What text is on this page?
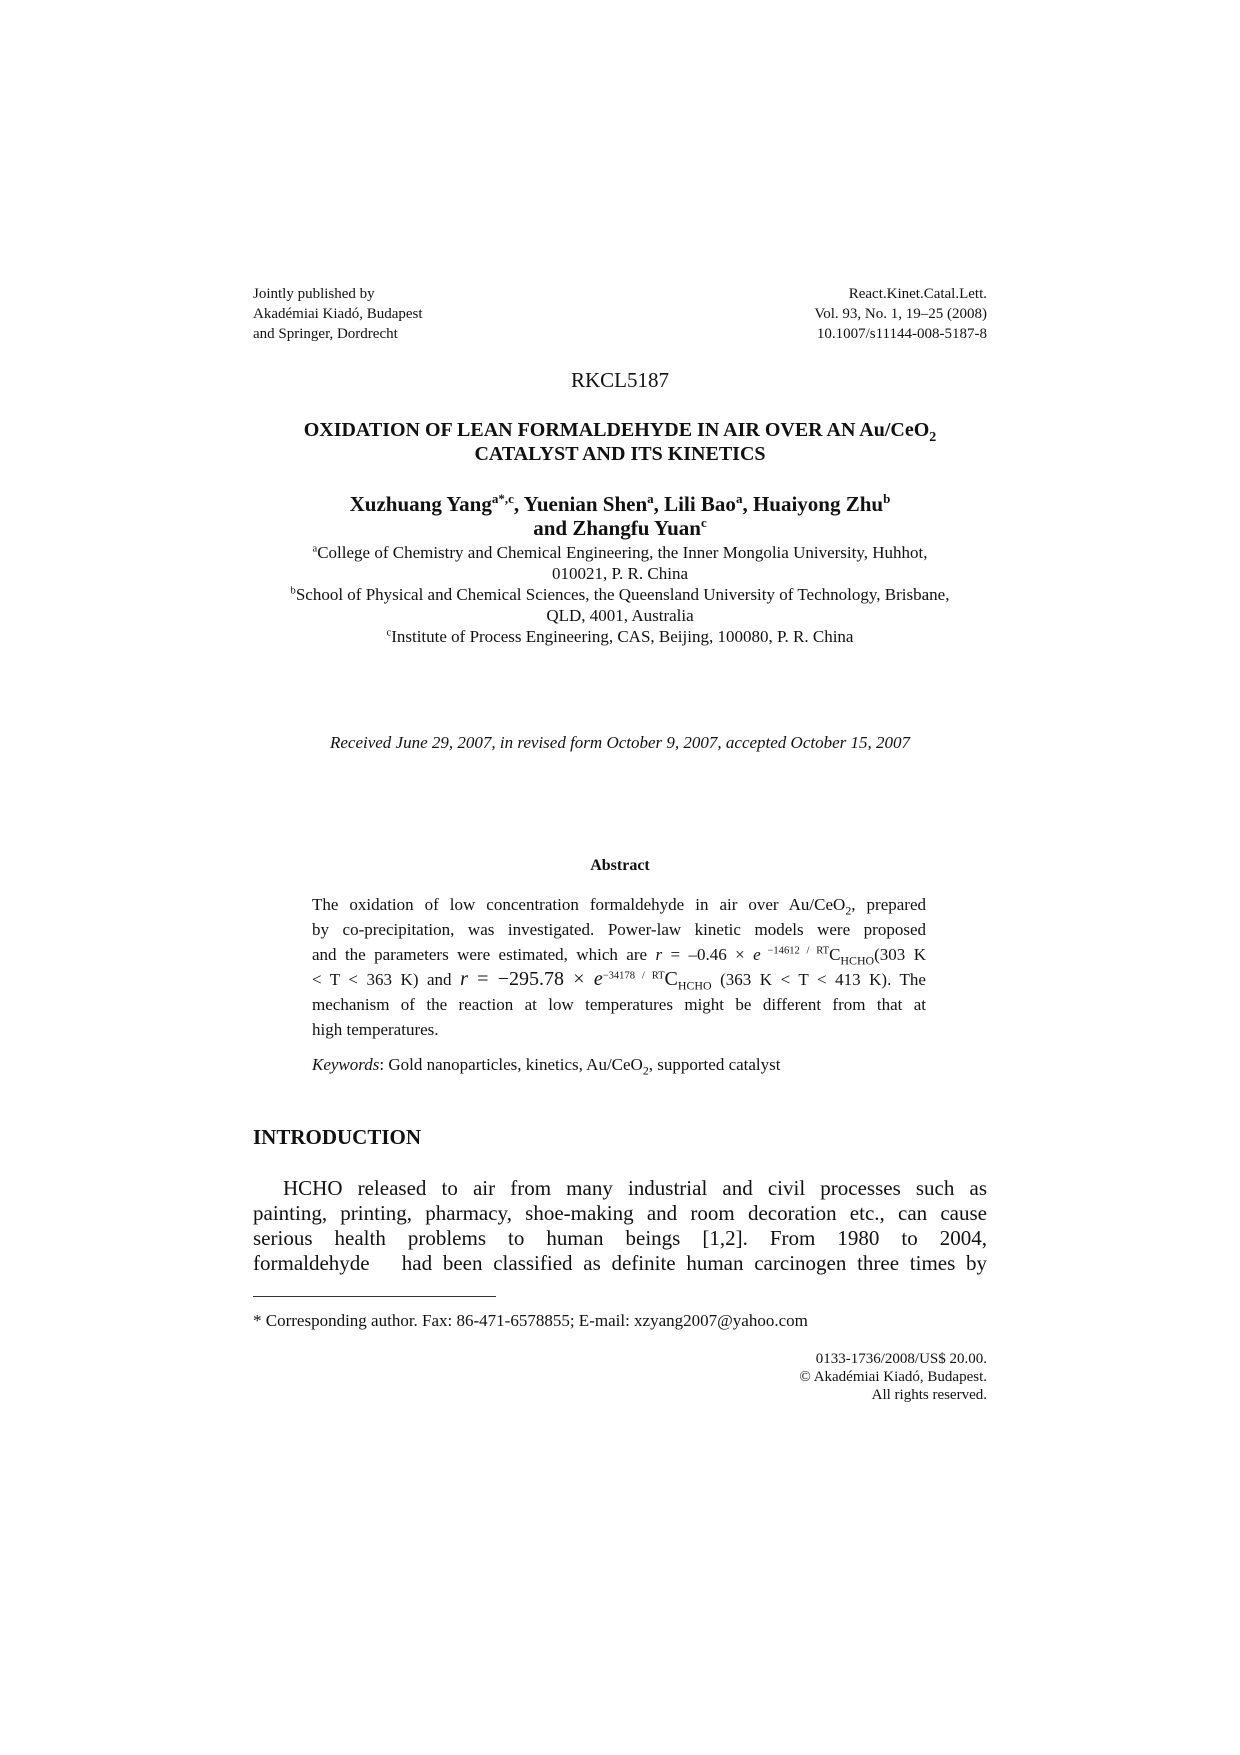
Jointly published by
Akadémiai Kiadó, Budapest
and Springer, Dordrecht
React.Kinet.Catal.Lett.
Vol. 93, No. 1, 19–25 (2008)
10.1007/s11144-008-5187-8
RKCL5187
OXIDATION OF LEAN FORMALDEHYDE IN AIR OVER AN Au/CeO$_2$
CATALYST AND ITS KINETICS
Xuzhuang Yang$^{a*,c}$, Yuenian Shen$^a$, Lili Bao$^a$, Huaiyong Zhu$^b$
and Zhangfu Yuan$^c$
$^a$College of Chemistry and Chemical Engineering, the Inner Mongolia University, Huhhot,
010021, P. R. China
$^b$School of Physical and Chemical Sciences, the Queensland University of Technology, Brisbane,
QLD, 4001, Australia
$^c$Institute of Process Engineering, CAS, Beijing, 100080, P. R. China
Received June 29, 2007, in revised form October 9, 2007, accepted October 15, 2007
Abstract
The oxidation of low concentration formaldehyde in air over Au/CeO$_2$, prepared
by co-precipitation, was investigated. Power-law kinetic models were proposed
and the parameters were estimated, which are r = –0.46 × e $^{-14612 / RT}C_{HCHO}(303$ K
< T < 363 K) and $r = -295.78 \times e^{-34178 / RT}C_{HCHO}$ (363 K < T < 413 K). The
mechanism of the reaction at low temperatures might be different from that at
high temperatures.
Keywords: Gold nanoparticles, kinetics, Au/CeO$_2$, supported catalyst
INTRODUCTION
HCHO released to air from many industrial and civil processes such as
painting, printing, pharmacy, shoe-making and room decoration etc., can cause
serious health problems to human beings [1,2]. From 1980 to 2004,
formaldehyde   had been classified as definite human carcinogen three times by
* Corresponding author. Fax: 86-471-6578855; E-mail: xzyang2007@yahoo.com
0133-1736/2008/US$ 20.00.
© Akadémiai Kiadó, Budapest.
All rights reserved.
